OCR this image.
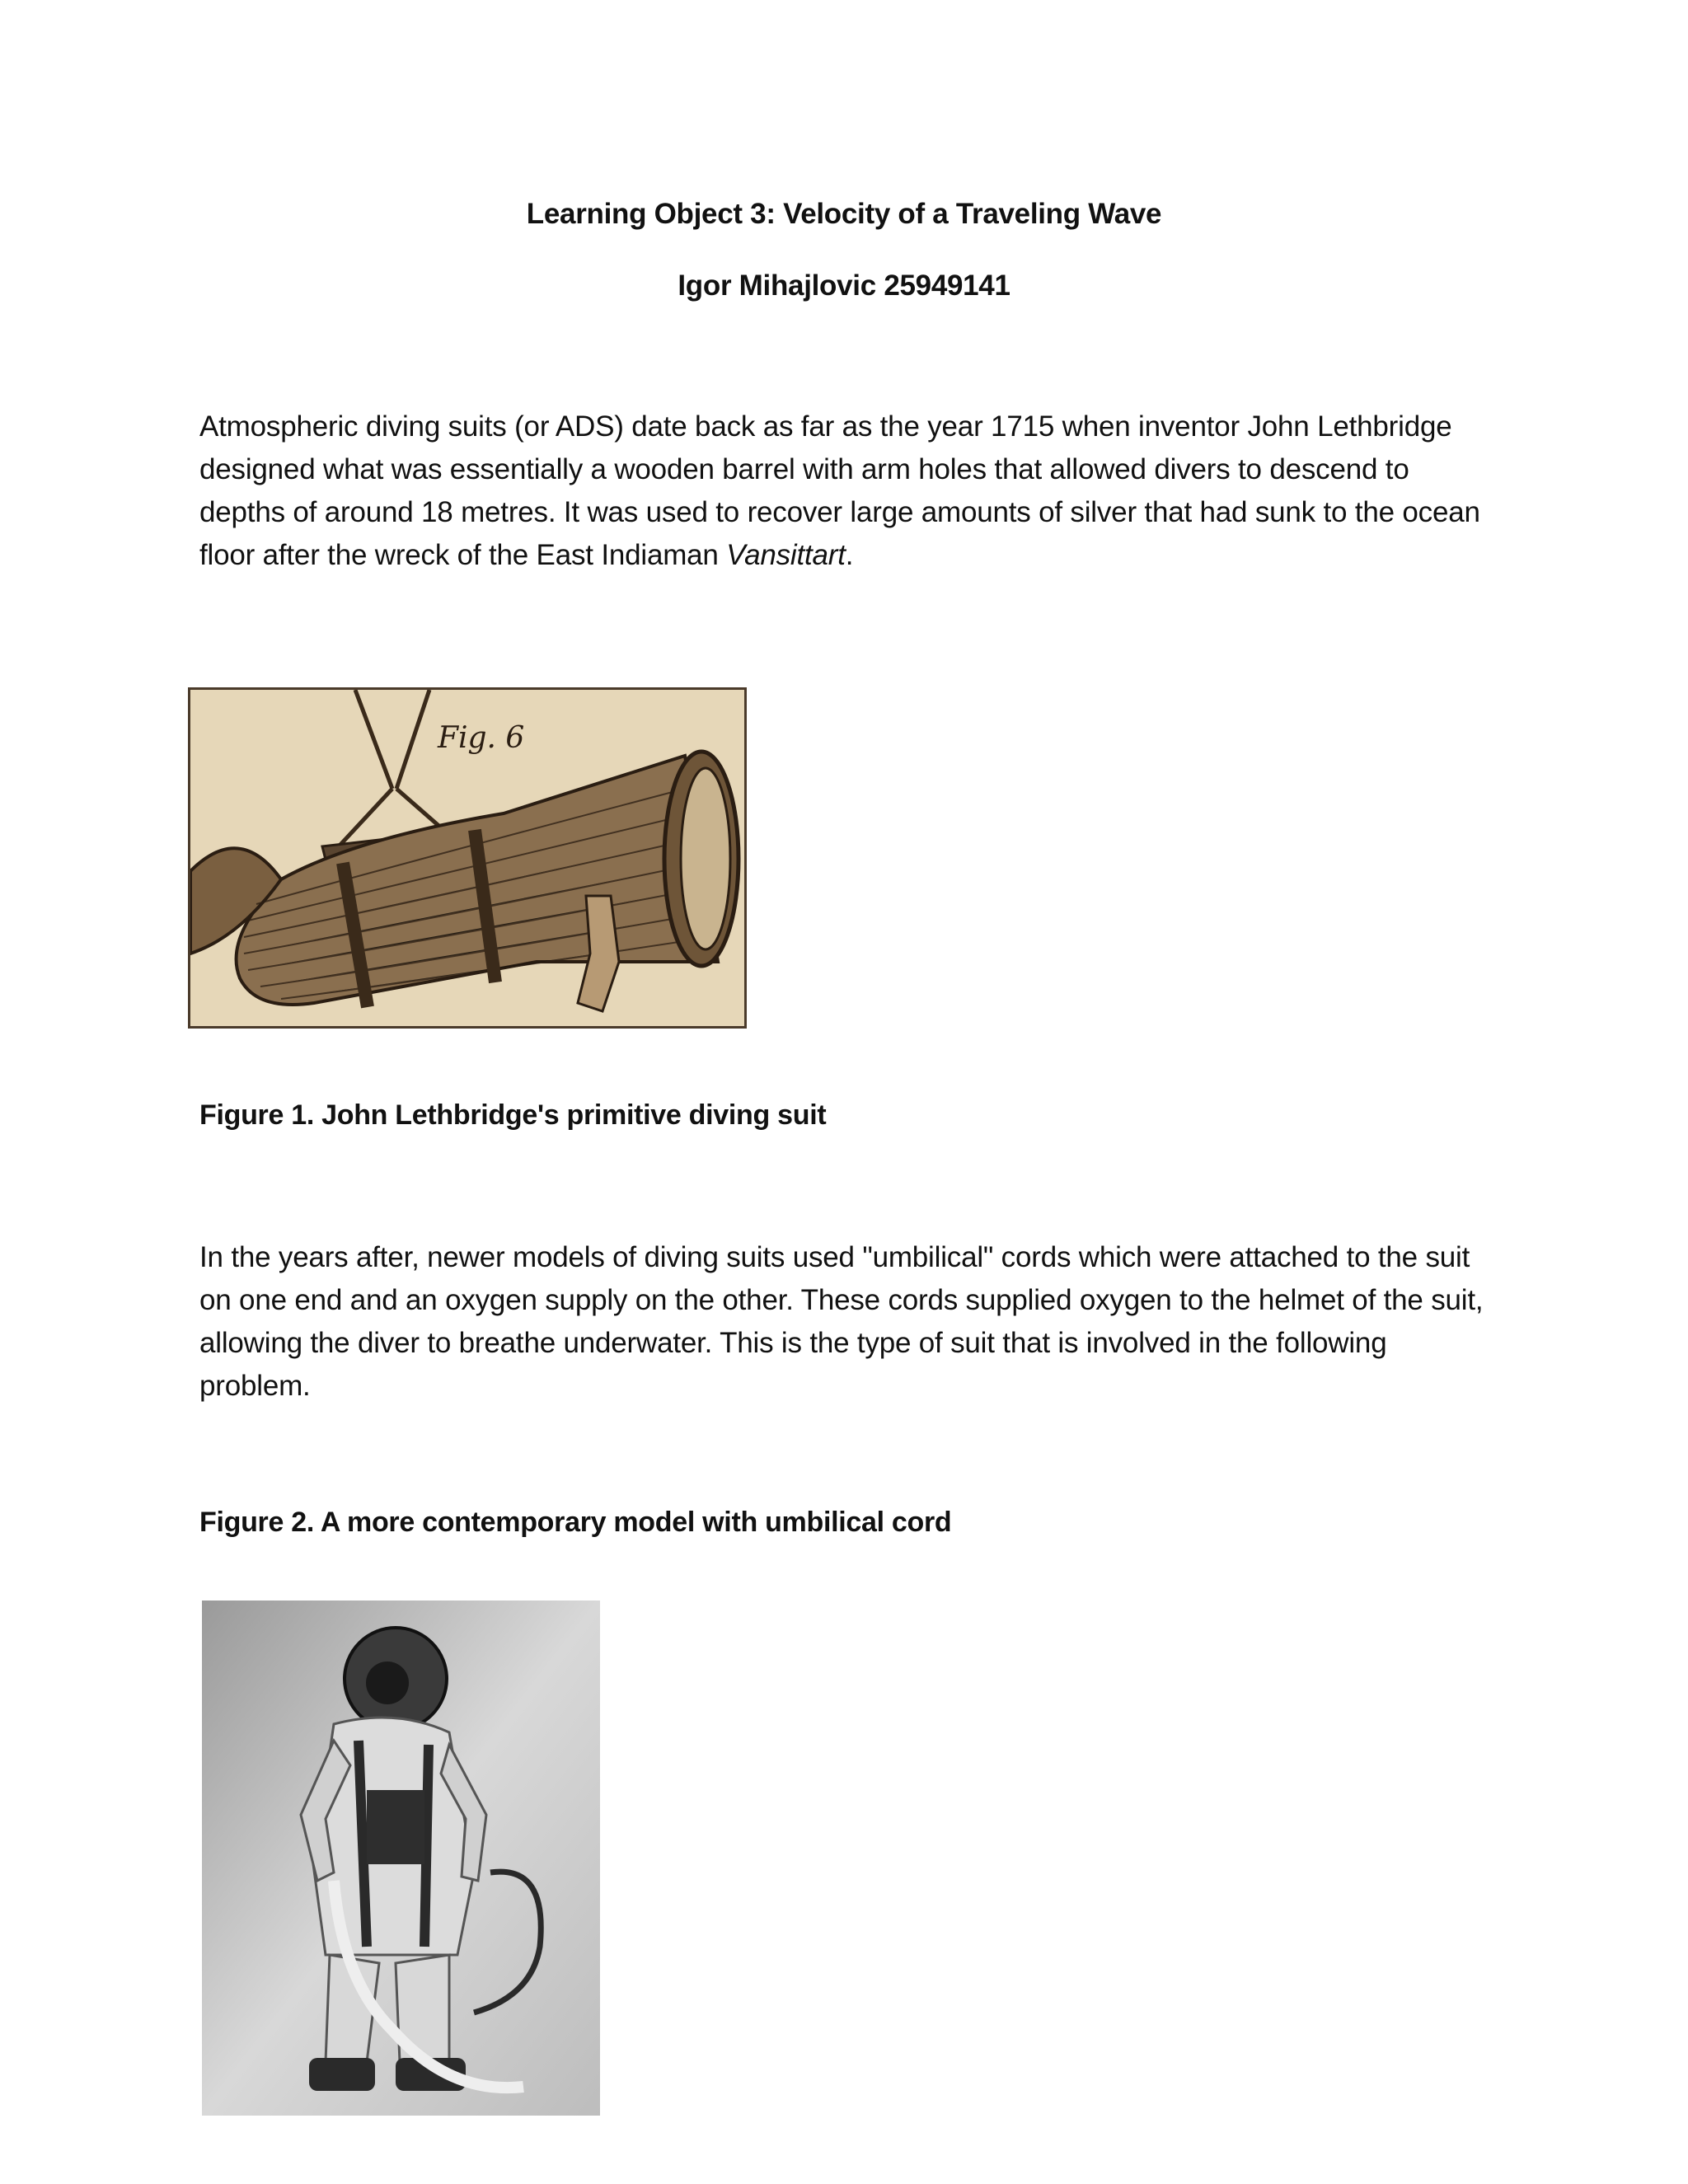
Learning Object 3: Velocity of a Traveling Wave
Igor Mihajlovic 25949141

Atmospheric diving suits (or ADS) date back as far as the year 1715 when inventor John Lethbridge designed what was essentially a wooden barrel with arm holes that allowed divers to descend to depths of around 18 metres. It was used to recover large amounts of silver that had sunk to the ocean floor after the wreck of the East Indiaman Vansittart.

Fig. 6

Figure 1. John Lethbridge's primitive diving suit

In the years after, newer models of diving suits used "umbilical" cords which were attached to the suit on one end and an oxygen supply on the other. These cords supplied oxygen to the helmet of the suit, allowing the diver to breathe underwater. This is the type of suit that is involved in the following problem.

Figure 2. A more contemporary model with umbilical cord
